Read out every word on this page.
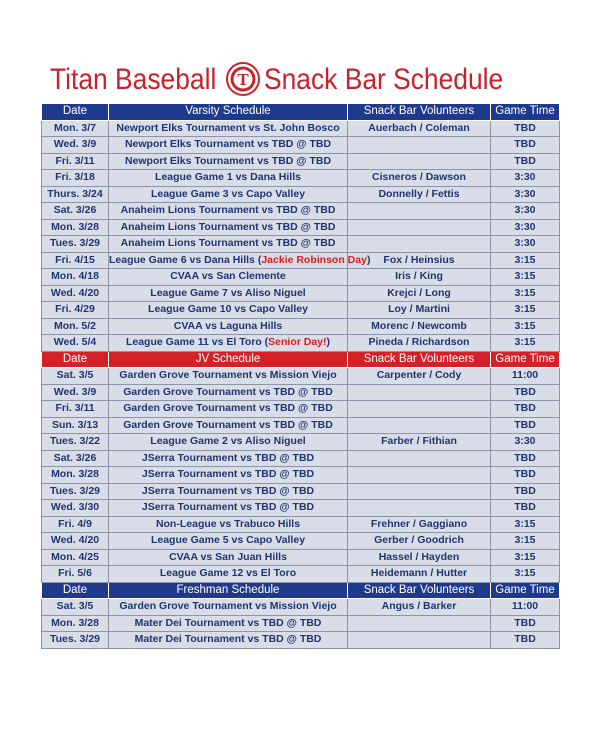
Titan Baseball T Snack Bar Schedule
Date	Varsity Schedule	Snack Bar Volunteers	Game Time
Mon. 3/7	Newport Elks Tournament vs St. John Bosco	Auerbach / Coleman	TBD
Wed. 3/9	Newport Elks Tournament vs TBD @ TBD		TBD
Fri. 3/11	Newport Elks Tournament vs TBD @ TBD		TBD
Fri. 3/18	League Game 1 vs Dana Hills	Cisneros / Dawson	3:30
Thurs. 3/24	League Game 3 vs Capo Valley	Donnelly / Fettis	3:30
Sat. 3/26	Anaheim Lions Tournament vs TBD @ TBD		3:30
Mon. 3/28	Anaheim Lions Tournament vs TBD @ TBD		3:30
Tues. 3/29	Anaheim Lions Tournament vs TBD @ TBD		3:30
Fri. 4/15	League Game 6 vs Dana Hills (Jackie Robinson Day)	Fox / Heinsius	3:15
Mon. 4/18	CVAA vs San Clemente	Iris / King	3:15
Wed. 4/20	League Game 7 vs Aliso Niguel	Krejci / Long	3:15
Fri. 4/29	League Game 10 vs Capo Valley	Loy / Martini	3:15
Mon. 5/2	CVAA vs Laguna Hills	Morenc / Newcomb	3:15
Wed. 5/4	League Game 11 vs El Toro (Senior Day!)	Pineda / Richardson	3:15
Date	JV Schedule	Snack Bar Volunteers	Game Time
Sat. 3/5	Garden Grove Tournament vs Mission Viejo	Carpenter / Cody	11:00
Wed. 3/9	Garden Grove Tournament vs TBD @ TBD		TBD
Fri. 3/11	Garden Grove Tournament vs TBD @ TBD		TBD
Sun. 3/13	Garden Grove Tournament vs TBD @ TBD		TBD
Tues. 3/22	League Game 2 vs Aliso Niguel	Farber / Fithian	3:30
Sat. 3/26	JSerra Tournament vs TBD @ TBD		TBD
Mon. 3/28	JSerra Tournament vs TBD @ TBD		TBD
Tues. 3/29	JSerra Tournament vs TBD @ TBD		TBD
Wed. 3/30	JSerra Tournament vs TBD @ TBD		TBD
Fri. 4/9	Non-League vs Trabuco Hills	Frehner / Gaggiano	3:15
Wed. 4/20	League Game 5 vs Capo Valley	Gerber / Goodrich	3:15
Mon. 4/25	CVAA vs San Juan Hills	Hassel / Hayden	3:15
Fri. 5/6	League Game 12 vs El Toro	Heidemann / Hutter	3:15
Date	Freshman Schedule	Snack Bar Volunteers	Game Time
Sat. 3/5	Garden Grove Tournament vs Mission Viejo	Angus / Barker	11:00
Mon. 3/28	Mater Dei Tournament vs TBD @ TBD		TBD
Tues. 3/29	Mater Dei Tournament vs TBD @ TBD		TBD
